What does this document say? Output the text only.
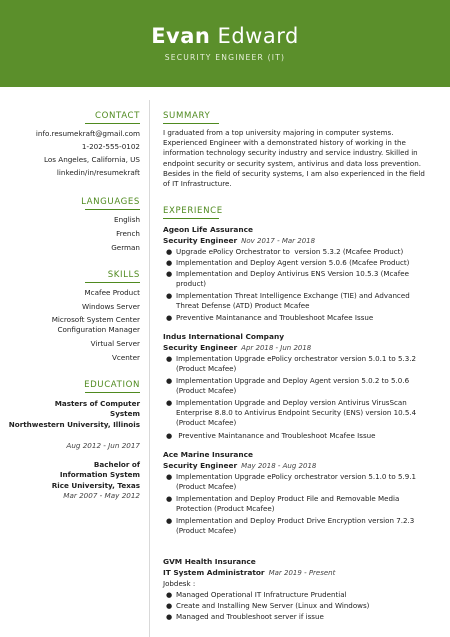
Evan Edward
SECURITY ENGINEER (IT)
CONTACT
info.resumekraft@gmail.com
1-202-555-0102
Los Angeles, California, US
linkedin/in/resumekraft
LANGUAGES
English
French
German
SKILLS
Mcafee Product
Windows Server
Microsoft System Center Configuration Manager
Virtual Server
Vcenter
EDUCATION
Masters of Computer System
Northwestern University, Illinois
Aug 2012 - Jun 2017
Bachelor of Information System
Rice University, Texas
Mar 2007 - May 2012
SUMMARY
I graduated from a top university majoring in computer systems.
Experienced Engineer with a demonstrated history of working in the
information technology security industry and service industry. Skilled in
endpoint security or security system, antivirus and data loss prevention.
Besides in the field of security systems, I am also experienced in the field
of IT Infrastructure.
EXPERIENCE
Ageon Life Assurance
Security Engineer Nov 2017 - Mar 2018
● Upgrade ePolicy Orchestrator to  version 5.3.2 (Mcafee Product)
● Implementation and Deploy Agent version 5.0.6 (Mcafee Product)
● Implementation and Deploy Antivirus ENS Version 10.5.3 (Mcafee
product)
● Implementation Threat Intelligence Exchange (TIE) and Advanced
Threat Defense (ATD) Product Mcafee
● Preventive Maintanance and Troubleshoot Mcafee Issue
Indus International Company
Security Engineer Apr 2018 - Jun 2018
● Implementation Upgrade ePolicy orchestrator version 5.0.1 to 5.3.2
(Product Mcafee)
● Implementation Upgrade and Deploy Agent version 5.0.2 to 5.0.6
(Product Mcafee)
● Implementation Upgrade and Deploy version Antivirus VirusScan
Enterprise 8.8.0 to Antivirus Endpoint Security (ENS) version 10.5.4
(Product Mcafee)
● Preventive Maintanance and Troubleshoot Mcafee Issue
Ace Marine Insurance
Security Engineer May 2018 - Aug 2018
● Implementation Upgrade ePolicy orchestrator version 5.1.0 to 5.9.1
(Product Mcafee)
● Implementation and Deploy Product File and Removable Media
Protection (Product Mcafee)
● Implementation and Deploy Product Drive Encryption version 7.2.3
(Product Mcafee)
GVM Health Insurance
IT System Administrator Mar 2019 - Present
Jobdesk :
● Managed Operational IT Infratructure Prudential
● Create and Installing New Server (Linux and Windows)
● Managed and Troubleshoot server if issue
